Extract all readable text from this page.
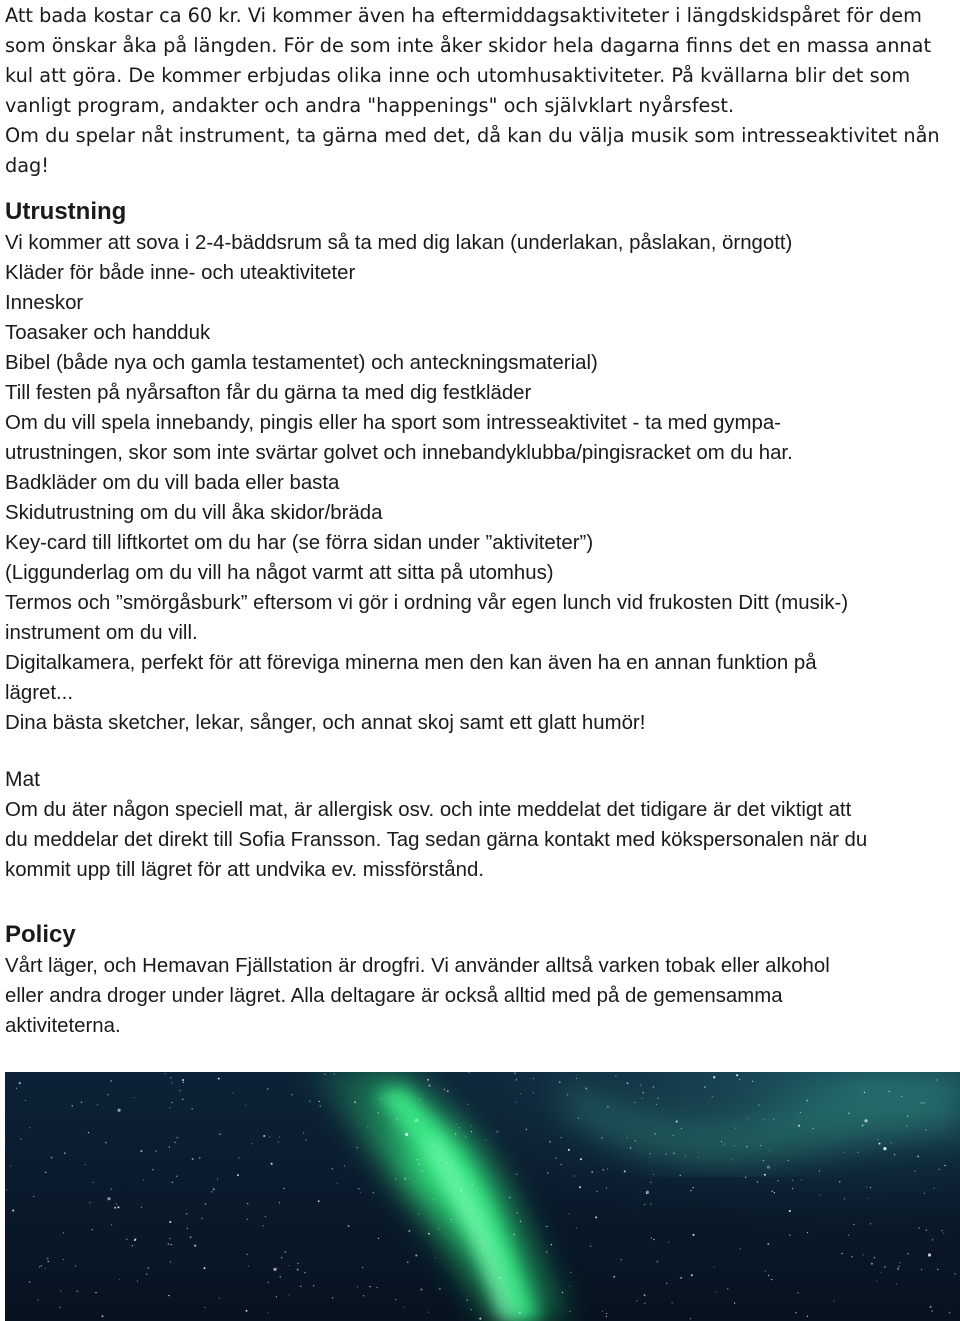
Att bada kostar ca 60 kr. Vi kommer även ha eftermiddagsaktiviteter i längdskidspåret för dem
som önskar åka på längden. För de som inte åker skidor hela dagarna finns det en massa annat
kul att göra. De kommer erbjudas olika inne och utomhusaktiviteter. På kvällarna blir det som
vanligt program, andakter och andra "happenings" och självklart nyårsfest.
Om du spelar nåt instrument, ta gärna med det, då kan du välja musik som intresseaktivitet nån
dag!
Utrustning
Vi kommer att sova i 2-4-bäddsrum så ta med dig lakan (underlakan, påslakan, örngott)
Kläder för både inne- och uteaktiviteter
Inneskor
Toasaker och handduk
Bibel (både nya och gamla testamentet) och anteckningsmaterial)
Till festen på nyårsafton får du gärna ta med dig festkläder
Om du vill spela innebandy, pingis eller ha sport som intresseaktivitet - ta med gympa-
utrustningen, skor som inte svärtar golvet och innebandyklubba/pingisracket om du har.
Badkläder om du vill bada eller basta
Skidutrustning om du vill åka skidor/bräda
Key-card till liftkortet om du har (se förra sidan under ”aktiviteter”)
(Liggunderlag om du vill ha något varmt att sitta på utomhus)
Termos och ”smörgåsburk” eftersom vi gör i ordning vår egen lunch vid frukosten Ditt (musik-)
instrument om du vill.
Digitalkamera, perfekt för att föreviga minerna men den kan även ha en annan funktion på
lägret...
Dina bästa sketcher, lekar, sånger, och annat skoj samt ett glatt humör!
Mat
Om du äter någon speciell mat, är allergisk osv. och inte meddelat det tidigare är det viktigt att
du meddelar det direkt till Sofia Fransson. Tag sedan gärna kontakt med kökspersonalen när du
kommit upp till lägret för att undvika ev. missförstånd.
Policy
Vårt läger, och Hemavan Fjällstation är drogfri. Vi använder alltså varken tobak eller alkohol
eller andra droger under lägret. Alla deltagare är också alltid med på de gemensamma
aktiviteterna.
